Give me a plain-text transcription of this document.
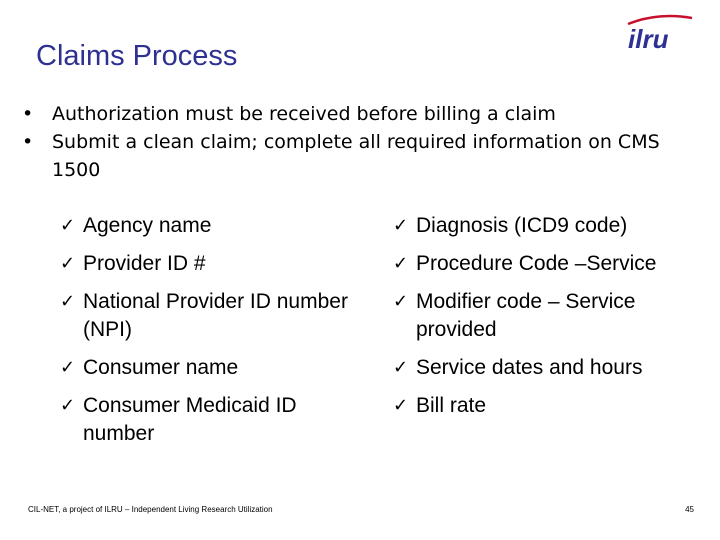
Claims Process
ilru
• Authorization must be received before billing a claim
• Submit a clean claim; complete all required information on CMS 1500
✓ Agency name
✓ Provider ID #
✓ National Provider ID number (NPI)
✓ Consumer name
✓ Consumer Medicaid ID number
✓ Diagnosis (ICD9 code)
✓ Procedure Code –Service
✓ Modifier code – Service provided
✓ Service dates and hours
✓ Bill rate
CIL-NET, a project of ILRU – Independent Living Research Utilization	45
